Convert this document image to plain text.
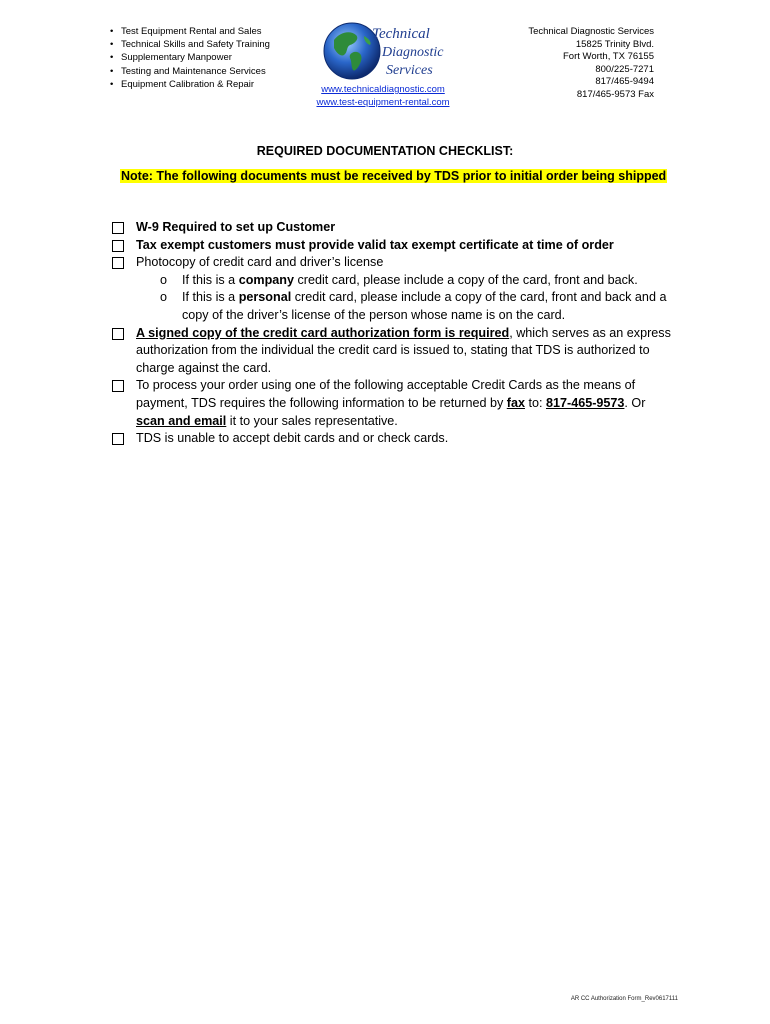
• Test Equipment Rental and Sales
• Technical Skills and Safety Training
• Supplementary Manpower
• Testing and Maintenance Services
• Equipment Calibration & Repair
Technical
Diagnostic
Services
www.technicaldiagnostic.com
www.test-equipment-rental.com
Technical Diagnostic Services
15825 Trinity Blvd.
Fort Worth, TX 76155
800/225-7271
817/465-9494
817/465-9573 Fax
REQUIRED DOCUMENTATION CHECKLIST:
Note: The following documents must be received by TDS prior to initial order being shipped
W-9 Required to set up Customer
Tax exempt customers must provide valid tax exempt certificate at time of order
Photocopy of credit card and driver’s license
o If this is a company credit card, please include a copy of the card, front and back.
o If this is a personal credit card, please include a copy of the card, front and back and a copy of the driver’s license of the person whose name is on the card.
A signed copy of the credit card authorization form is required, which serves as an express authorization from the individual the credit card is issued to, stating that TDS is authorized to charge against the card.
To process your order using one of the following acceptable Credit Cards as the means of payment, TDS requires the following information to be returned by fax to: 817-465-9573. Or scan and email it to your sales representative.
TDS is unable to accept debit cards and or check cards.
AR CC Authorization Form_Rev0617111
